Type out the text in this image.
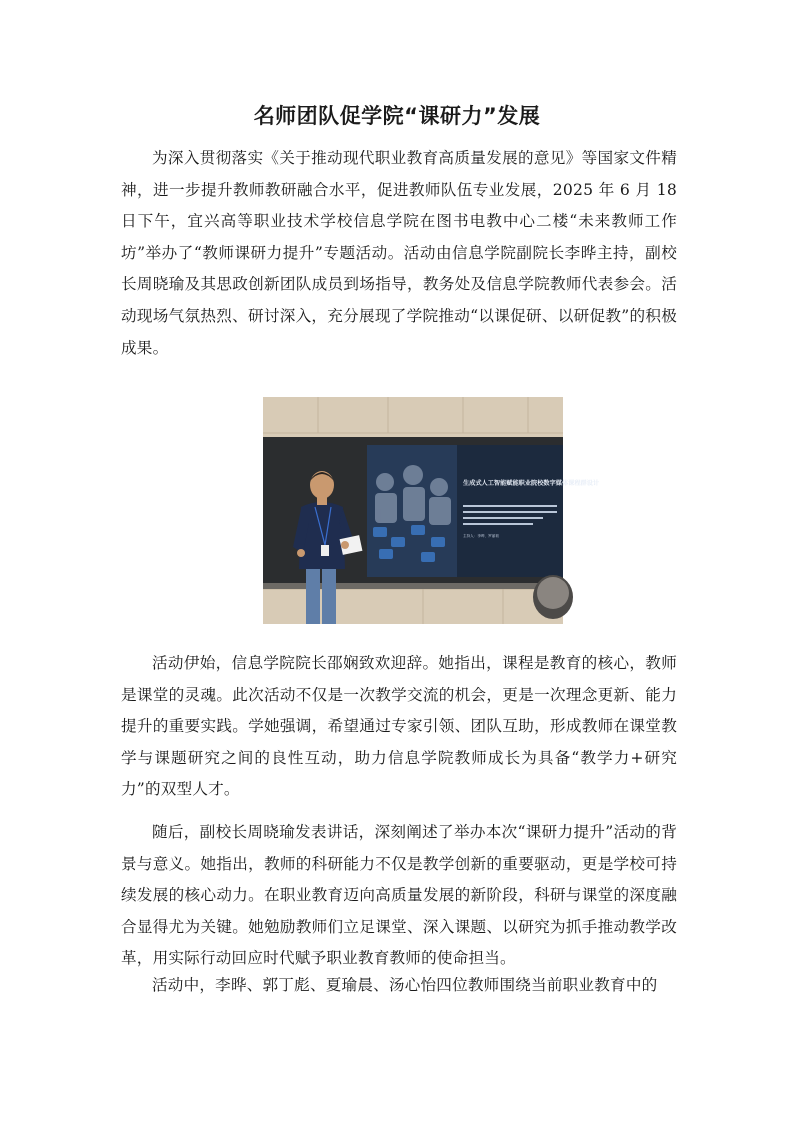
名师团队促学院“课研力”发展

为深入贯彻落实《关于推动现代职业教育高质量发展的意见》等国家文件精神，进一步提升教师教研融合水平，促进教师队伍专业发展，2025 年 6 月 18 日下午，宜兴高等职业技术学校信息学院在图书电教中心二楼“未来教师工作坊”举办了“教师课研力提升”专题活动。活动由信息学院副院长李晔主持，副校长周晓瑜及其思政创新团队成员到场指导，教务处及信息学院教师代表参会。活动现场气氛热烈、研讨深入，充分展现了学院推动“以课促研、以研促教”的积极成果。

生成式人工智能赋能职业院校数字媒体课程群设计
主持人：李晔、罗丽莉

活动伊始，信息学院院长邵娴致欢迎辞。她指出，课程是教育的核心，教师是课堂的灵魂。此次活动不仅是一次教学交流的机会，更是一次理念更新、能力提升的重要实践。学她强调，希望通过专家引领、团队互助，形成教师在课堂教学与课题研究之间的良性互动，助力信息学院教师成长为具备“教学力+研究力”的双型人才。

随后，副校长周晓瑜发表讲话，深刻阐述了举办本次“课研力提升”活动的背景与意义。她指出，教师的科研能力不仅是教学创新的重要驱动，更是学校可持续发展的核心动力。在职业教育迈向高质量发展的新阶段，科研与课堂的深度融合显得尤为关键。她勉励教师们立足课堂、深入课题、以研究为抓手推动教学改革，用实际行动回应时代赋予职业教育教师的使命担当。

活动中，李晔、郭丁彪、夏瑜晨、汤心怡四位教师围绕当前职业教育中的
